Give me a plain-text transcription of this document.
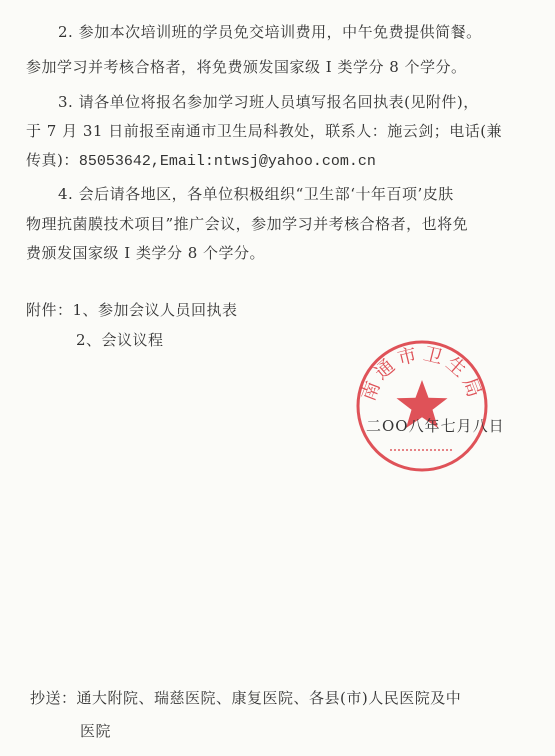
2. 参加本次培训班的学员免交培训费用，中午免费提供简餐。
参加学习并考核合格者，将免费颁发国家级 I 类学分 8 个学分。
3. 请各单位将报名参加学习班人员填写报名回执表(见附件)，
于 7 月 31 日前报至南通市卫生局科教处，联系人：施云剑；电话(兼
传真)：85053642,Email:ntwsj@yahoo.com.cn
4. 会后请各地区，各单位积极组织“卫生部‘十年百项’皮肤
物理抗菌膜技术项目”推广会议，参加学习并考核合格者，也将免
费颁发国家级 I 类学分 8 个学分。
附件：1、参加会议人员回执表
2、会议议程
南通市卫生局
二OO八年七月八日
抄送：通大附院、瑞慈医院、康复医院、各县(市)人民医院及中
医院
